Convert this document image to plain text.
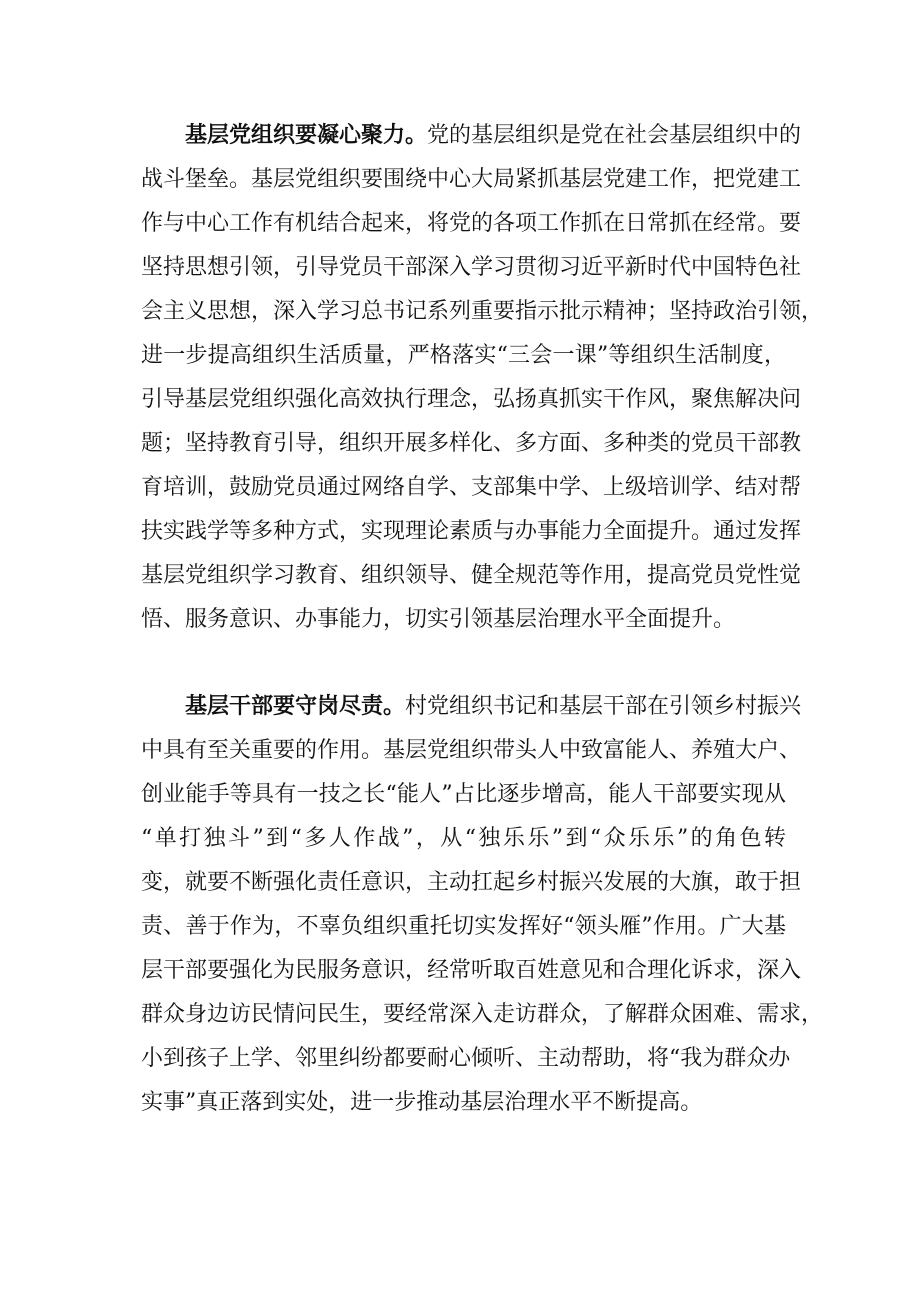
基层党组织要凝心聚力。党的基层组织是党在社会基层组织中的
战斗堡垒。基层党组织要围绕中心大局紧抓基层党建工作，把党建工
作与中心工作有机结合起来，将党的各项工作抓在日常抓在经常。要
坚持思想引领，引导党员干部深入学习贯彻习近平新时代中国特色社
会主义思想，深入学习总书记系列重要指示批示精神；坚持政治引领，
进一步提高组织生活质量，严格落实“三会一课”等组织生活制度，
引导基层党组织强化高效执行理念，弘扬真抓实干作风，聚焦解决问
题；坚持教育引导，组织开展多样化、多方面、多种类的党员干部教
育培训，鼓励党员通过网络自学、支部集中学、上级培训学、结对帮
扶实践学等多种方式，实现理论素质与办事能力全面提升。通过发挥
基层党组织学习教育、组织领导、健全规范等作用，提高党员党性觉
悟、服务意识、办事能力，切实引领基层治理水平全面提升。
基层干部要守岗尽责。村党组织书记和基层干部在引领乡村振兴
中具有至关重要的作用。基层党组织带头人中致富能人、养殖大户、
创业能手等具有一技之长“能人”占比逐步增高，能人干部要实现从
“单打独斗”到“多人作战”，从“独乐乐”到“众乐乐”的角色转
变，就要不断强化责任意识，主动扛起乡村振兴发展的大旗，敢于担
责、善于作为，不辜负组织重托切实发挥好“领头雁”作用。广大基
层干部要强化为民服务意识，经常听取百姓意见和合理化诉求，深入
群众身边访民情问民生，要经常深入走访群众，了解群众困难、需求，
小到孩子上学、邻里纠纷都要耐心倾听、主动帮助，将“我为群众办
实事”真正落到实处，进一步推动基层治理水平不断提高。
